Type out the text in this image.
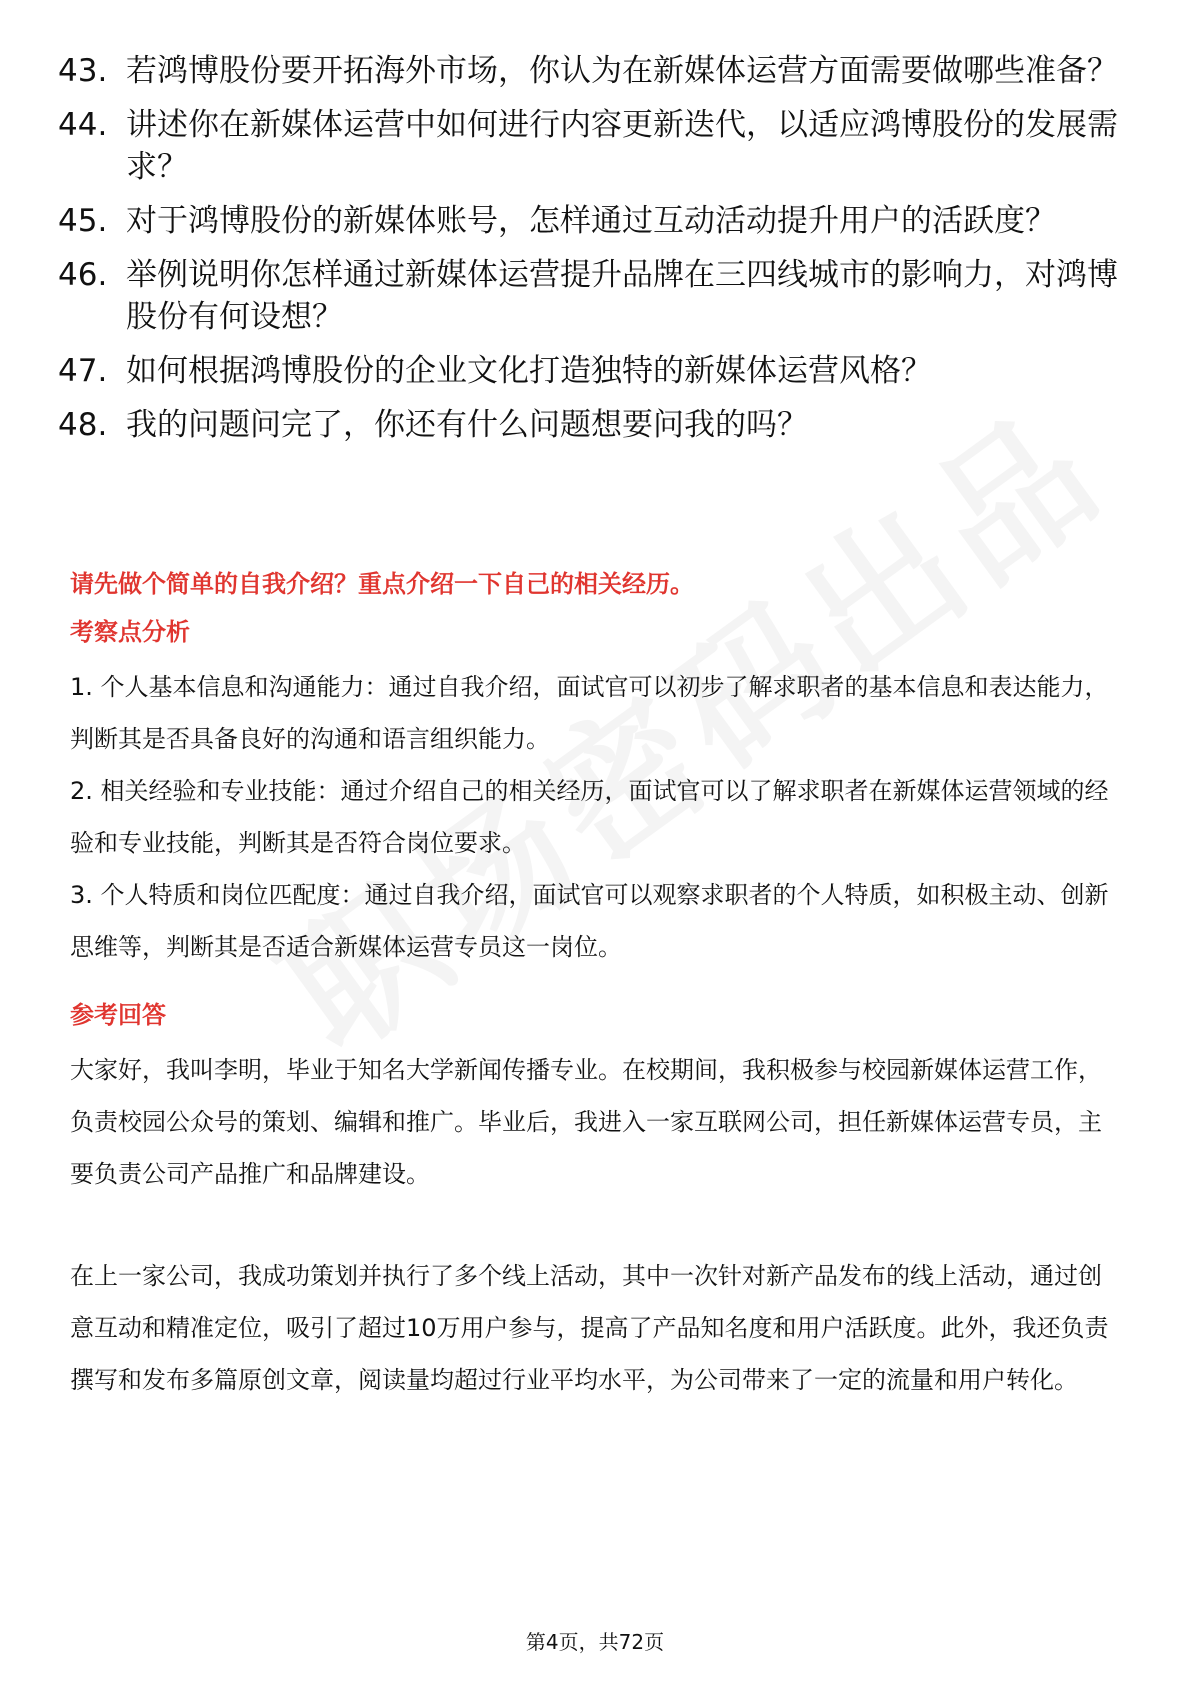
43. 若鸿博股份要开拓海外市场，你认为在新媒体运营方面需要做哪些准备？
44. 讲述你在新媒体运营中如何进行内容更新迭代，以适应鸿博股份的发展需求？
45. 对于鸿博股份的新媒体账号，怎样通过互动活动提升用户的活跃度？
46. 举例说明你怎样通过新媒体运营提升品牌在三四线城市的影响力，对鸿博股份有何设想？
47. 如何根据鸿博股份的企业文化打造独特的新媒体运营风格？
48. 我的问题问完了，你还有什么问题想要问我的吗？
请先做个简单的自我介绍？重点介绍一下自己的相关经历。
考察点分析

1. 个人基本信息和沟通能力：通过自我介绍，面试官可以初步了解求职者的基本信息和表达能力，判断其是否具备良好的沟通和语言组织能力。

2. 相关经验和专业技能：通过介绍自己的相关经历，面试官可以了解求职者在新媒体运营领域的经验和专业技能，判断其是否符合岗位要求。

3. 个人特质和岗位匹配度：通过自我介绍，面试官可以观察求职者的个人特质，如积极主动、创新思维等，判断其是否适合新媒体运营专员这一岗位。

参考回答

大家好，我叫李明，毕业于知名大学新闻传播专业。在校期间，我积极参与校园新媒体运营工作，负责校园公众号的策划、编辑和推广。毕业后，我进入一家互联网公司，担任新媒体运营专员，主要负责公司产品推广和品牌建设。

在上一家公司，我成功策划并执行了多个线上活动，其中一次针对新产品发布的线上活动，通过创意互动和精准定位，吸引了超过10万用户参与，提高了产品知名度和用户活跃度。此外，我还负责撰写和发布多篇原创文章，阅读量均超过行业平均水平，为公司带来了一定的流量和用户转化。

第4页，共72页
